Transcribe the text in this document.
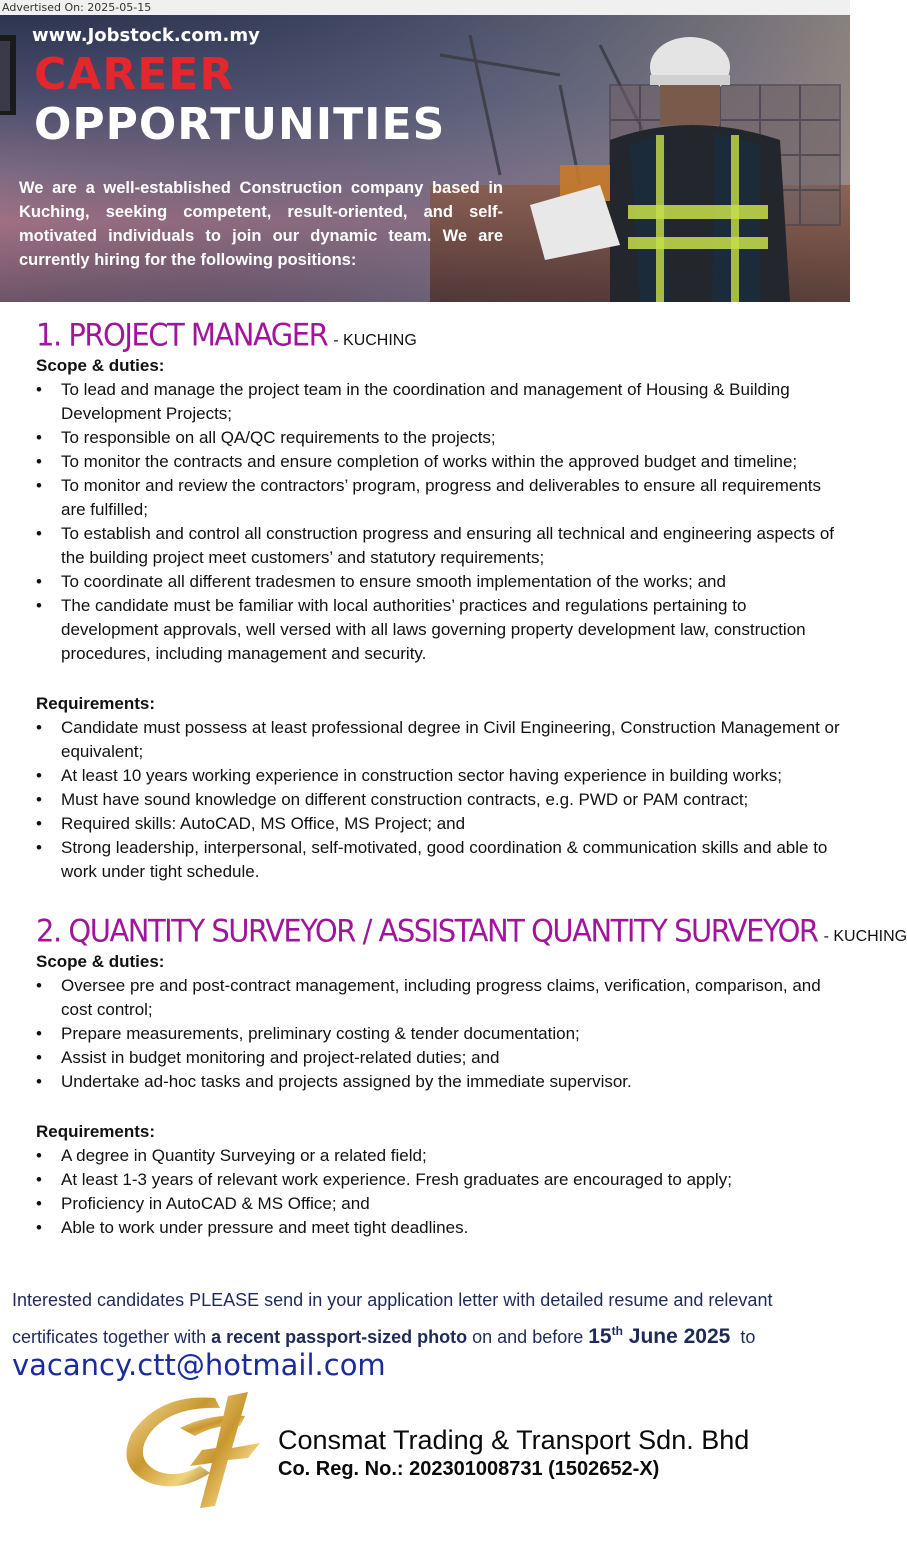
Advertised On: 2025-05-15
www.Jobstock.com.my
CAREER
OPPORTUNITIES
We are a well-established Construction company based in Kuching, seeking competent, result-oriented, and self-motivated individuals to join our dynamic team. We are currently hiring for the following positions:
1. PROJECT MANAGER - KUCHING
Scope & duties:
• To lead and manage the project team in the coordination and management of Housing & Building Development Projects;
• To responsible on all QA/QC requirements to the projects;
• To monitor the contracts and ensure completion of works within the approved budget and timeline;
• To monitor and review the contractors’ program, progress and deliverables to ensure all requirements are fulfilled;
• To establish and control all construction progress and ensuring all technical and engineering aspects of the building project meet customers’ and statutory requirements;
• To coordinate all different tradesmen to ensure smooth implementation of the works; and
• The candidate must be familiar with local authorities’ practices and regulations pertaining to development approvals, well versed with all laws governing property development law, construction procedures, including management and security.
Requirements:
• Candidate must possess at least professional degree in Civil Engineering, Construction Management or equivalent;
• At least 10 years working experience in construction sector having experience in building works;
• Must have sound knowledge on different construction contracts, e.g. PWD or PAM contract;
• Required skills: AutoCAD, MS Office, MS Project; and
• Strong leadership, interpersonal, self-motivated, good coordination & communication skills and able to work under tight schedule.
2. QUANTITY SURVEYOR / ASSISTANT QUANTITY SURVEYOR - KUCHING
Scope & duties:
• Oversee pre and post-contract management, including progress claims, verification, comparison, and cost control;
• Prepare measurements, preliminary costing & tender documentation;
• Assist in budget monitoring and project-related duties; and
• Undertake ad-hoc tasks and projects assigned by the immediate supervisor.
Requirements:
• A degree in Quantity Surveying or a related field;
• At least 1-3 years of relevant work experience. Fresh graduates are encouraged to apply;
• Proficiency in AutoCAD & MS Office; and
• Able to work under pressure and meet tight deadlines.
Interested candidates PLEASE send in your application letter with detailed resume and relevant certificates together with a recent passport-sized photo on and before 15th June 2025  to
vacancy.ctt@hotmail.com
Consmat Trading & Transport Sdn. Bhd
Co. Reg. No.: 202301008731 (1502652-X)
